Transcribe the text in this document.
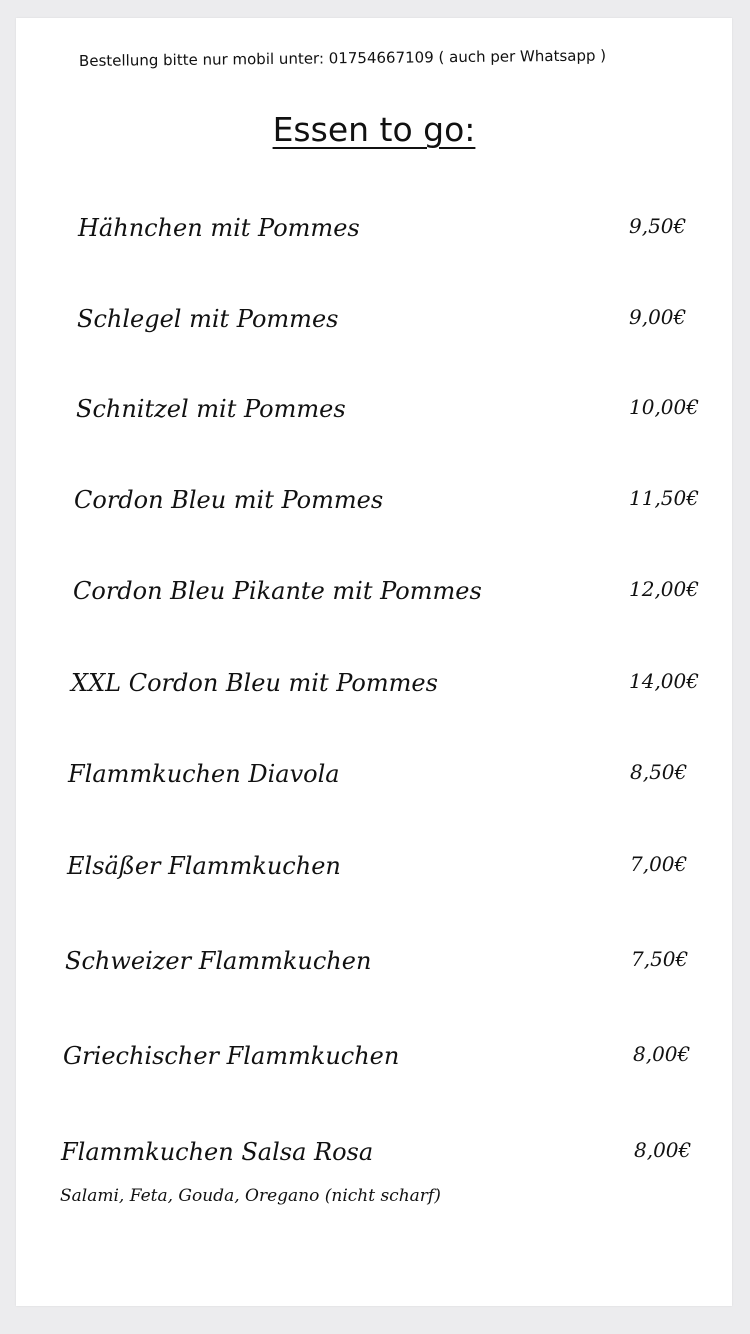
Bestellung bitte nur mobil unter: 01754667109 ( auch per Whatsapp )
Essen to go:
Hähnchen mit Pommes	9,50€
Schlegel mit Pommes	9,00€
Schnitzel mit Pommes	10,00€
Cordon Bleu mit Pommes	11,50€
Cordon Bleu Pikante mit Pommes	12,00€
XXL Cordon Bleu mit Pommes	14,00€
Flammkuchen Diavola	8,50€
Elsäßer Flammkuchen	7,00€
Schweizer Flammkuchen	7,50€
Griechischer Flammkuchen	8,00€
Flammkuchen Salsa Rosa	8,00€
Salami, Feta, Gouda, Oregano (nicht scharf)
